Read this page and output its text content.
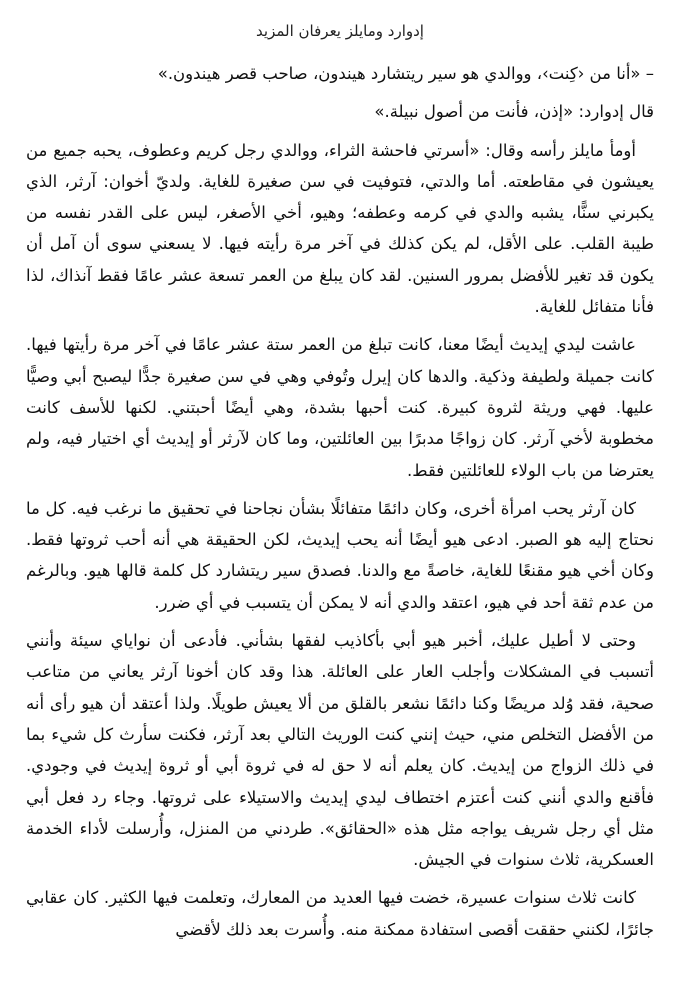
إدوارد ومايلز يعرفان المزيد

– «أنا من ‹كِنت›، ووالدي هو سير ريتشارد هيندون، صاحب قصر هيندون.»

قال إدوارد: «إذن، فأنت من أصول نبيلة.»

أومأ مايلز رأسه وقال: «أسرتي فاحشة الثراء، ووالدي رجل كريم وعطوف، يحبه جميع من يعيشون في مقاطعته. أما والدتي، فتوفيت في سن صغيرة للغاية. ولديّ أخوان: آرثر، الذي يكبرني سنًّا، يشبه والدي في كرمه وعطفه؛ وهيو، أخي الأصغر، ليس على القدر نفسه من طيبة القلب. على الأقل، لم يكن كذلك في آخر مرة رأيته فيها. لا يسعني سوى أن آمل أن يكون قد تغير للأفضل بمرور السنين. لقد كان يبلغ من العمر تسعة عشر عامًا فقط آنذاك، لذا فأنا متفائل للغاية.

عاشت ليدي إيديث أيضًا معنا، كانت تبلغ من العمر ستة عشر عامًا في آخر مرة رأيتها فيها. كانت جميلة ولطيفة وذكية. والدها كان إيرل وتُوفي وهي في سن صغيرة جدًّا ليصبح أبي وصيًّا عليها. فهي وريثة لثروة كبيرة. كنت أحبها بشدة، وهي أيضًا أحبتني. لكنها للأسف كانت مخطوبة لأخي آرثر. كان زواجًا مدبرًا بين العائلتين، وما كان لآرثر أو إيديث أي اختيار فيه، ولم يعترضا من باب الولاء للعائلتين فقط.

كان آرثر يحب امرأة أخرى، وكان دائمًا متفائلًا بشأن نجاحنا في تحقيق ما نرغب فيه. كل ما نحتاج إليه هو الصبر. ادعى هيو أيضًا أنه يحب إيديث، لكن الحقيقة هي أنه أحب ثروتها فقط. وكان أخي هيو مقنعًا للغاية، خاصةً مع والدنا. فصدق سير ريتشارد كل كلمة قالها هيو. وبالرغم من عدم ثقة أحد في هيو، اعتقد والدي أنه لا يمكن أن يتسبب في أي ضرر.

وحتى لا أطيل عليك، أخبر هيو أبي بأكاذيب لفقها بشأني. فأدعى أن نواياي سيئة وأنني أتسبب في المشكلات وأجلب العار على العائلة. هذا وقد كان أخونا آرثر يعاني من متاعب صحية، فقد وُلد مريضًا وكنا دائمًا نشعر بالقلق من ألا يعيش طويلًا. ولذا أعتقد أن هيو رأى أنه من الأفضل التخلص مني، حيث إنني كنت الوريث التالي بعد آرثر، فكنت سأرث كل شيء بما في ذلك الزواج من إيديث. كان يعلم أنه لا حق له في ثروة أبي أو ثروة إيديث في وجودي. فأقنع والدي أنني كنت أعتزم اختطاف ليدي إيديث والاستيلاء على ثروتها. وجاء رد فعل أبي مثل أي رجل شريف يواجه مثل هذه «الحقائق». طردني من المنزل، وأُرسلت لأداء الخدمة العسكرية، ثلاث سنوات في الجيش.

كانت ثلاث سنوات عسيرة، خضت فيها العديد من المعارك، وتعلمت فيها الكثير. كان عقابي جائرًا، لكنني حققت أقصى استفادة ممكنة منه. وأُسرت بعد ذلك لأقضي
